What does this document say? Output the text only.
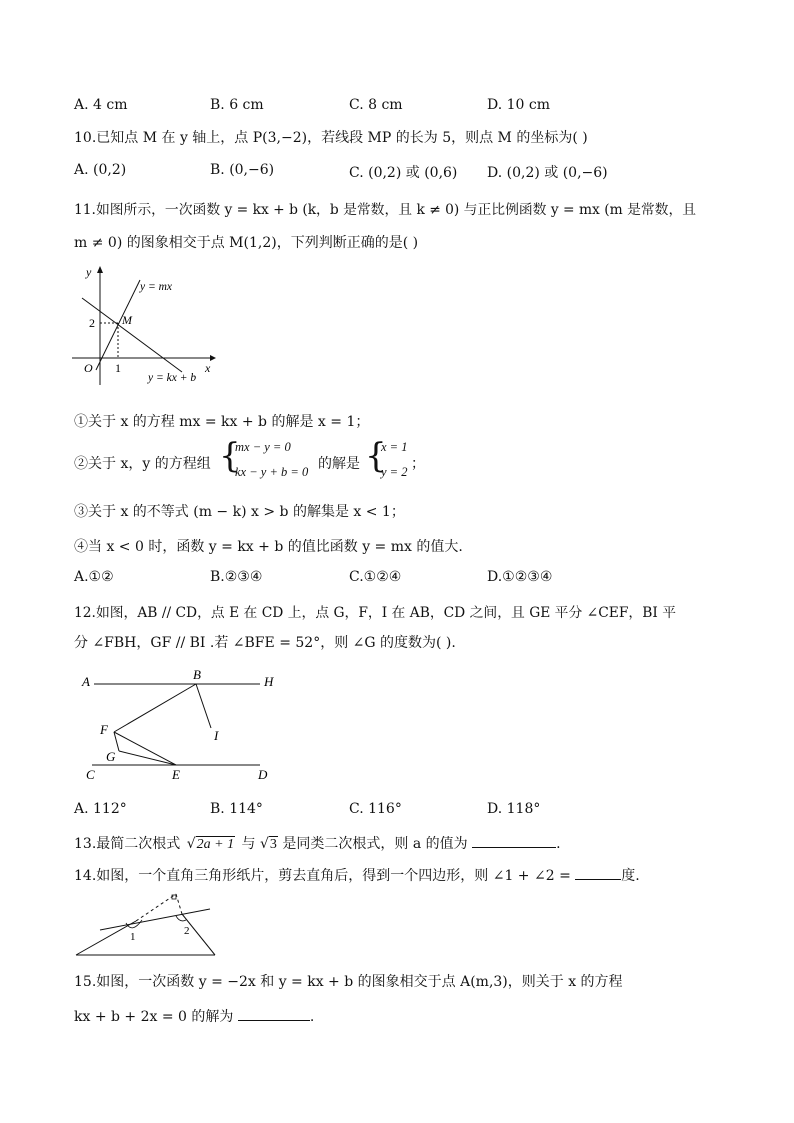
A. 4 cm	B. 6 cm	C. 8 cm	D. 10 cm
10.已知点 M 在 y 轴上，点 P(3,−2)，若线段 MP 的长为 5，则点 M 的坐标为( )
A. (0,2)	B. (0,−6)	C. (0,2) 或 (0,6) D. (0,2) 或 (0,−6)
11.如图所示，一次函数 y = kx + b (k，b 是常数，且 k ≠ 0) 与正比例函数 y = mx (m 是常数，且
m ≠ 0) 的图象相交于点 M(1,2)，下列判断正确的是( )
y
x
O
2
1
M
y = mx
y = kx + b
①关于 x 的方程 mx = kx + b 的解是 x = 1；
②关于 x，y 的方程组 {
mx − y = 0
kx − y + b = 0 的解是 {
x = 1
y = 2 ；
③关于 x 的不等式 (m − k) x > b 的解集是 x < 1；
④当 x < 0 时，函数 y = kx + b 的值比函数 y = mx 的值大.
A.①②	B.②③④	C.①②④	D.①②③④
12.如图，AB // CD，点 E 在 CD 上，点 G，F，I 在 AB，CD 之间，且 GE 平分 ∠CEF，BI 平
分 ∠FBH，GF // BI .若 ∠BFE = 52°，则 ∠G 的度数为( ).
A	B	H
F	I
G
C	E	D
A. 112°	B. 114°	C. 116°	D. 118°
13.最简二次根式 √2a + 1 与 √3 是同类二次根式，则 a 的值为	.
14.如图，一个直角三角形纸片，剪去直角后，得到一个四边形，则 ∠1 + ∠2 =	度.
1	2
15.如图，一次函数 y = −2x 和 y = kx + b 的图象相交于点 A(m,3)，则关于 x 的方程
kx + b + 2x = 0 的解为	.
